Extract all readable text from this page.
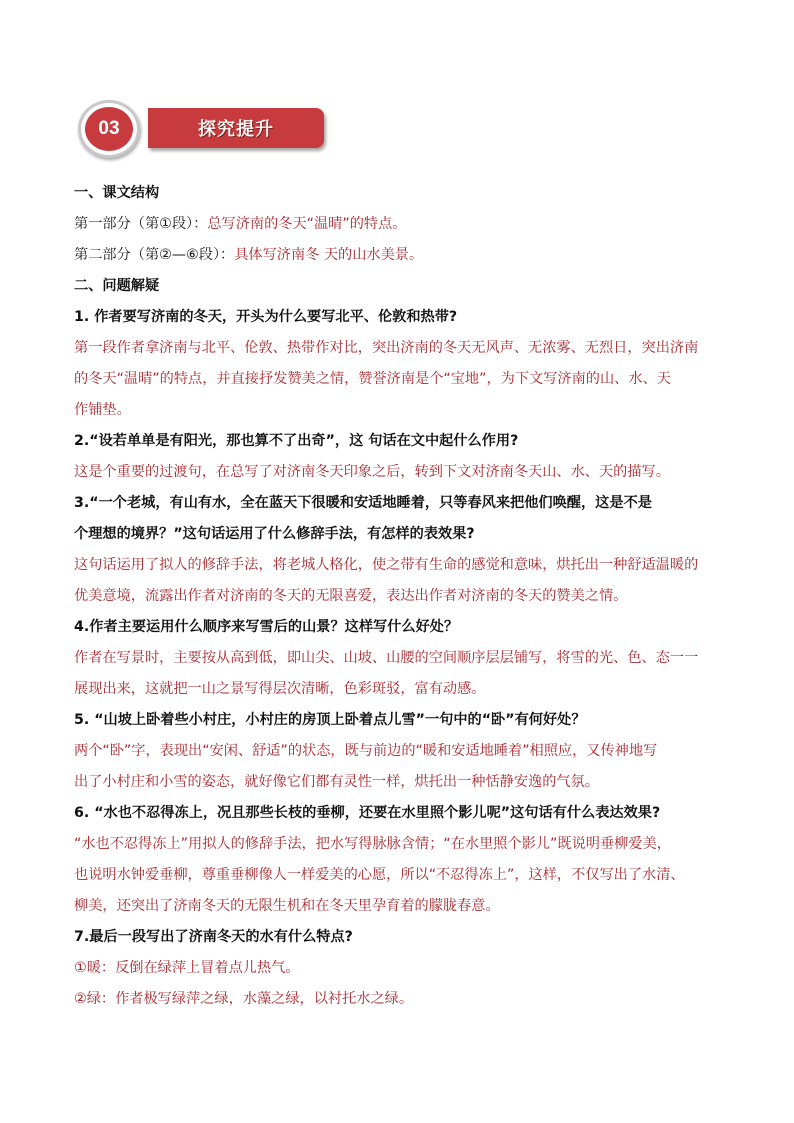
03	探究提升
一、课文结构
第一部分（第①段）：总写济南的冬天“温晴”的特点。
第二部分（第②—⑥段）：具体写济南冬 天的山水美景。
二、问题解疑
1. 作者要写济南的冬天，开头为什么要写北平、伦敦和热带?
第一段作者拿济南与北平、伦敦、热带作对比，突出济南的冬天无风声、无浓雾、无烈日，突出济南
的冬天“温晴”的特点，并直接抒发赞美之情，赞誉济南是个“宝地”，为下文写济南的山、水、天
作铺垫。
2.“设若单单是有阳光，那也算不了出奇”，这 句话在文中起什么作用?
这是个重要的过渡句，在总写了对济南冬天印象之后，转到下文对济南冬天山、水、天的描写。
3.“一个老城，有山有水，全在蓝天下很暖和安适地睡着，只等春风来把他们唤醒，这是不是
个理想的境界？”这句话运用了什么修辞手法，有怎样的表效果?
这句话运用了拟人的修辞手法，将老城人格化，使之带有生命的感觉和意味，烘托出一种舒适温暖的
优美意境，流露出作者对济南的冬天的无限喜爱，表达出作者对济南的冬天的赞美之情。
4.作者主要运用什么顺序来写雪后的山景？这样写什么好处？
作者在写景时，主要按从高到低，即山尖、山坡、山腰的空间顺序层层铺写，将雪的光、色、态一一
展现出来，这就把一山之景写得层次清晰，色彩斑驳，富有动感。
5. “山坡上卧着些小村庄，小村庄的房顶上卧着点儿雪”一句中的“卧”有何好处？
两个“卧”字，表现出“安闲、舒适”的状态，既与前边的“暖和安适地睡着”相照应，又传神地写
出了小村庄和小雪的姿态，就好像它们都有灵性一样，烘托出一种恬静安逸的气氛。
6. “水也不忍得冻上，况且那些长枝的垂柳，还要在水里照个影儿呢”这句话有什么表达效果?
“水也不忍得冻上”用拟人的修辞手法，把水写得脉脉含情；“在水里照个影儿”既说明垂柳爱美，
也说明水钟爱垂柳，尊重垂柳像人一样爱美的心愿，所以“不忍得冻上”，这样，不仅写出了水清、
柳美，还突出了济南冬天的无限生机和在冬天里孕育着的朦胧春意。
7.最后一段写出了济南冬天的水有什么特点?
①暖：反倒在绿萍上冒着点儿热气。
②绿：作者极写绿萍之绿，水藻之绿，以衬托水之绿。
